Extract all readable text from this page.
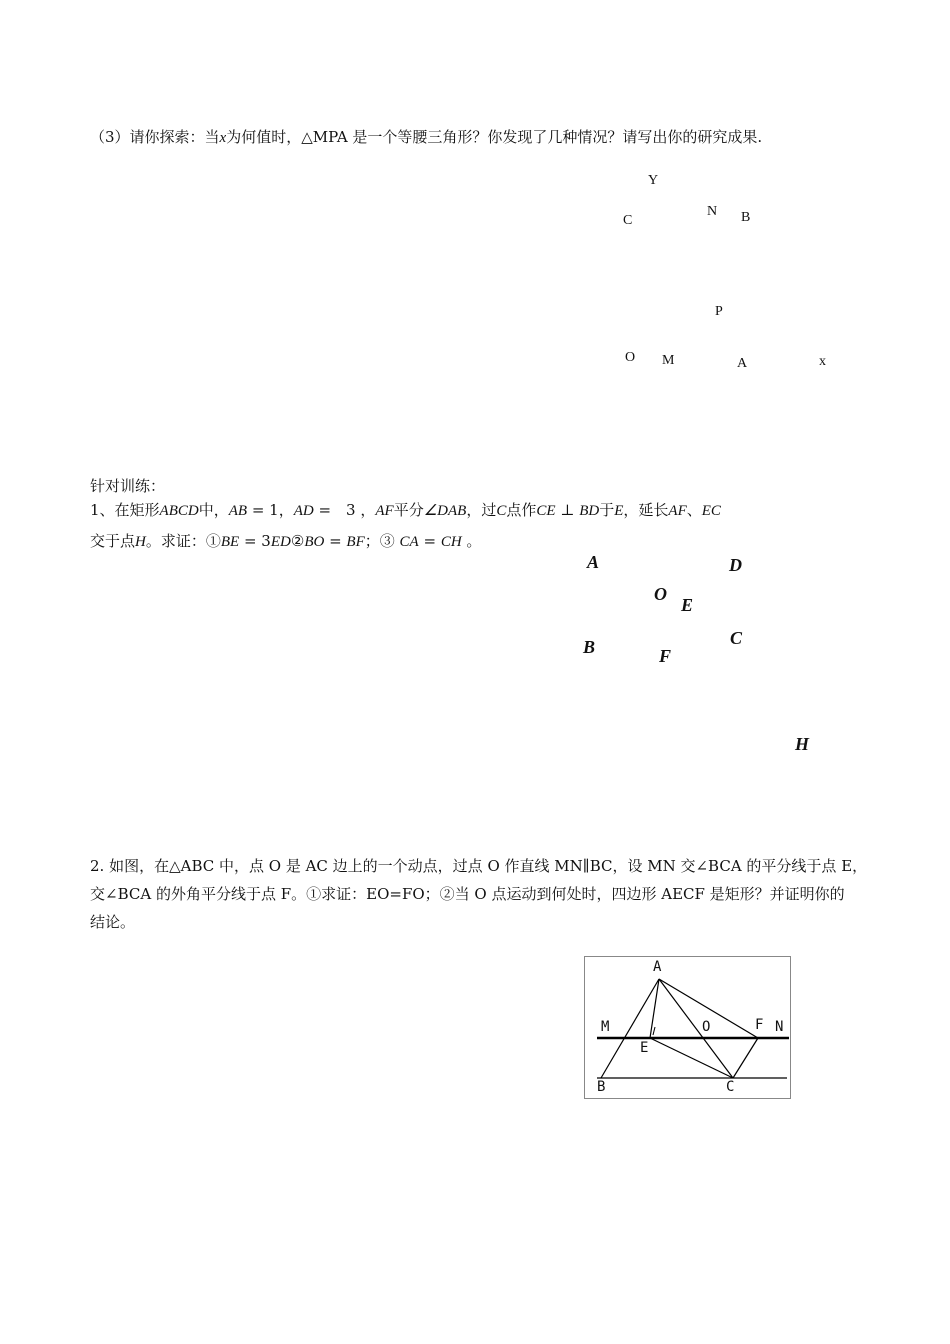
（3）请你探索：当x为何值时，△MPA 是一个等腰三角形？你发现了几种情况？请写出你的研究成果.
Y
C
N B
P
O M	A	x
针对训练：
1、在矩形ABCD中，AB = 1，AD =　3 ，AF平分∠DAB，过C点作CE ⊥ BD于E，延长AF、EC
交于点H。求证：①BE = 3ED②BO = BF；③ CA = CH 。
A	D
O
E
B	F
C
H
2. 如图，在△ABC 中，点 O 是 AC 边上的一个动点，过点 O 作直线 MN∥BC，设 MN 交∠BCA 的平分线于点 E，
交∠BCA 的外角平分线于点 F。①求证：EO=FO；②当 O 点运动到何处时，四边形 AECF 是矩形？并证明你的
结论。
A
M	O	F N
E
B	C
